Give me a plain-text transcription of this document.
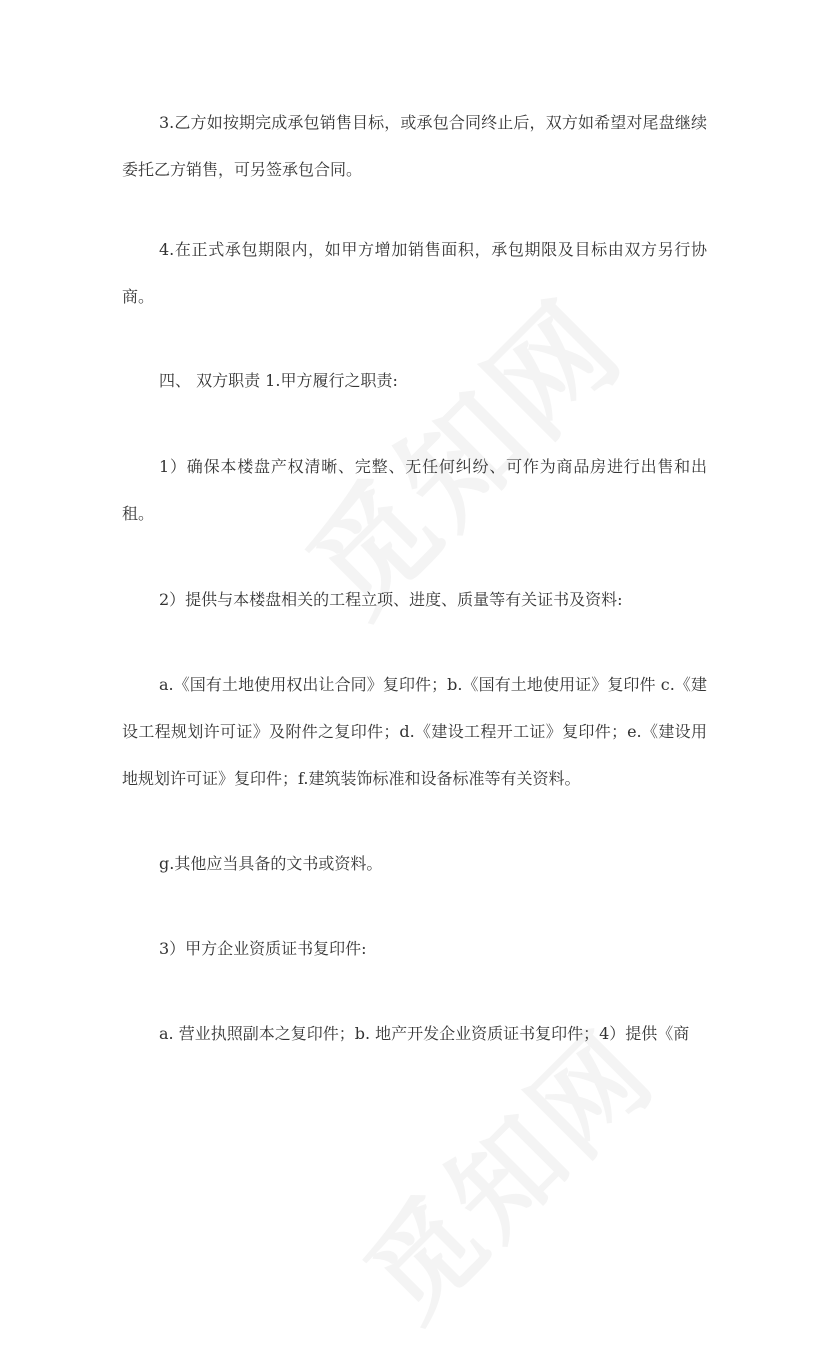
3.乙方如按期完成承包销售目标，或承包合同终止后，双方如希望对尾盘继续委托乙方销售，可另签承包合同。

4.在正式承包期限内，如甲方增加销售面积，承包期限及目标由双方另行协商。

四、 双方职责 1.甲方履行之职责:

1）确保本楼盘产权清晰、完整、无任何纠纷、可作为商品房进行出售和出租。

2）提供与本楼盘相关的工程立项、进度、质量等有关证书及资料:

a.《国有土地使用权出让合同》复印件；b.《国有土地使用证》复印件 c.《建设工程规划许可证》及附件之复印件；d.《建设工程开工证》复印件；e.《建设用地规划许可证》复印件；f.建筑装饰标准和设备标准等有关资料。

g.其他应当具备的文书或资料。

3）甲方企业资质证书复印件:

a. 营业执照副本之复印件；b. 地产开发企业资质证书复印件；4）提供《商
